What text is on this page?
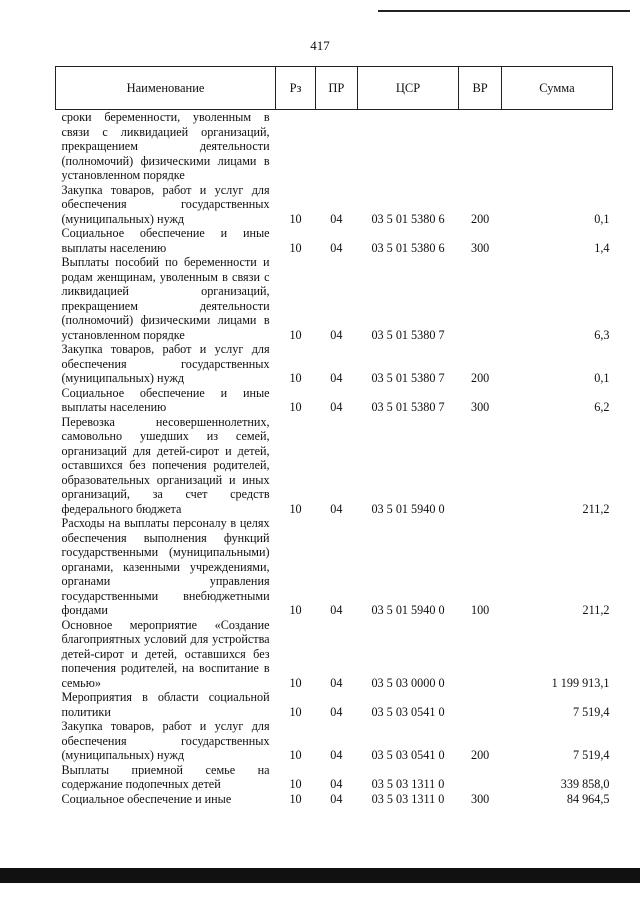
417
Наименование	Рз	ПР	ЦСР	ВР	Сумма
сроки беременности, уволенным в связи с ликвидацией организаций, прекращением деятельности (полномочий) физическими лицами в установленном порядке					
Закупка товаров, работ и услуг для обеспечения государственных (муниципальных) нужд	10	04	03 5 01 5380 6	200	0,1
Социальное обеспечение и иные выплаты населению	10	04	03 5 01 5380 6	300	1,4
Выплаты пособий по беременности и родам женщинам, уволенным в связи с ликвидацией организаций, прекращением деятельности (полномочий) физическими лицами в установленном порядке	10	04	03 5 01 5380 7		6,3
Закупка товаров, работ и услуг для обеспечения государственных (муниципальных) нужд	10	04	03 5 01 5380 7	200	0,1
Социальное обеспечение и иные выплаты населению	10	04	03 5 01 5380 7	300	6,2
Перевозка несовершеннолетних, самовольно ушедших из семей, организаций для детей-сирот и детей, оставшихся без попечения родителей, образовательных организаций и иных организаций, за счет средств федерального бюджета	10	04	03 5 01 5940 0		211,2
Расходы на выплаты персоналу в целях обеспечения выполнения функций государственными (муниципальными) органами, казенными учреждениями, органами управления государственными внебюджетными фондами	10	04	03 5 01 5940 0	100	211,2
Основное мероприятие «Создание благоприятных условий для устройства детей-сирот и детей, оставшихся без попечения родителей, на воспитание в семью»	10	04	03 5 03 0000 0		1 199 913,1
Мероприятия в области социальной политики	10	04	03 5 03 0541 0		7 519,4
Закупка товаров, работ и услуг для обеспечения государственных (муниципальных) нужд	10	04	03 5 03 0541 0	200	7 519,4
Выплаты приемной семье на содержание подопечных детей	10	04	03 5 03 1311 0		339 858,0
Социальное обеспечение и иные	10	04	03 5 03 1311 0	300	84 964,5
